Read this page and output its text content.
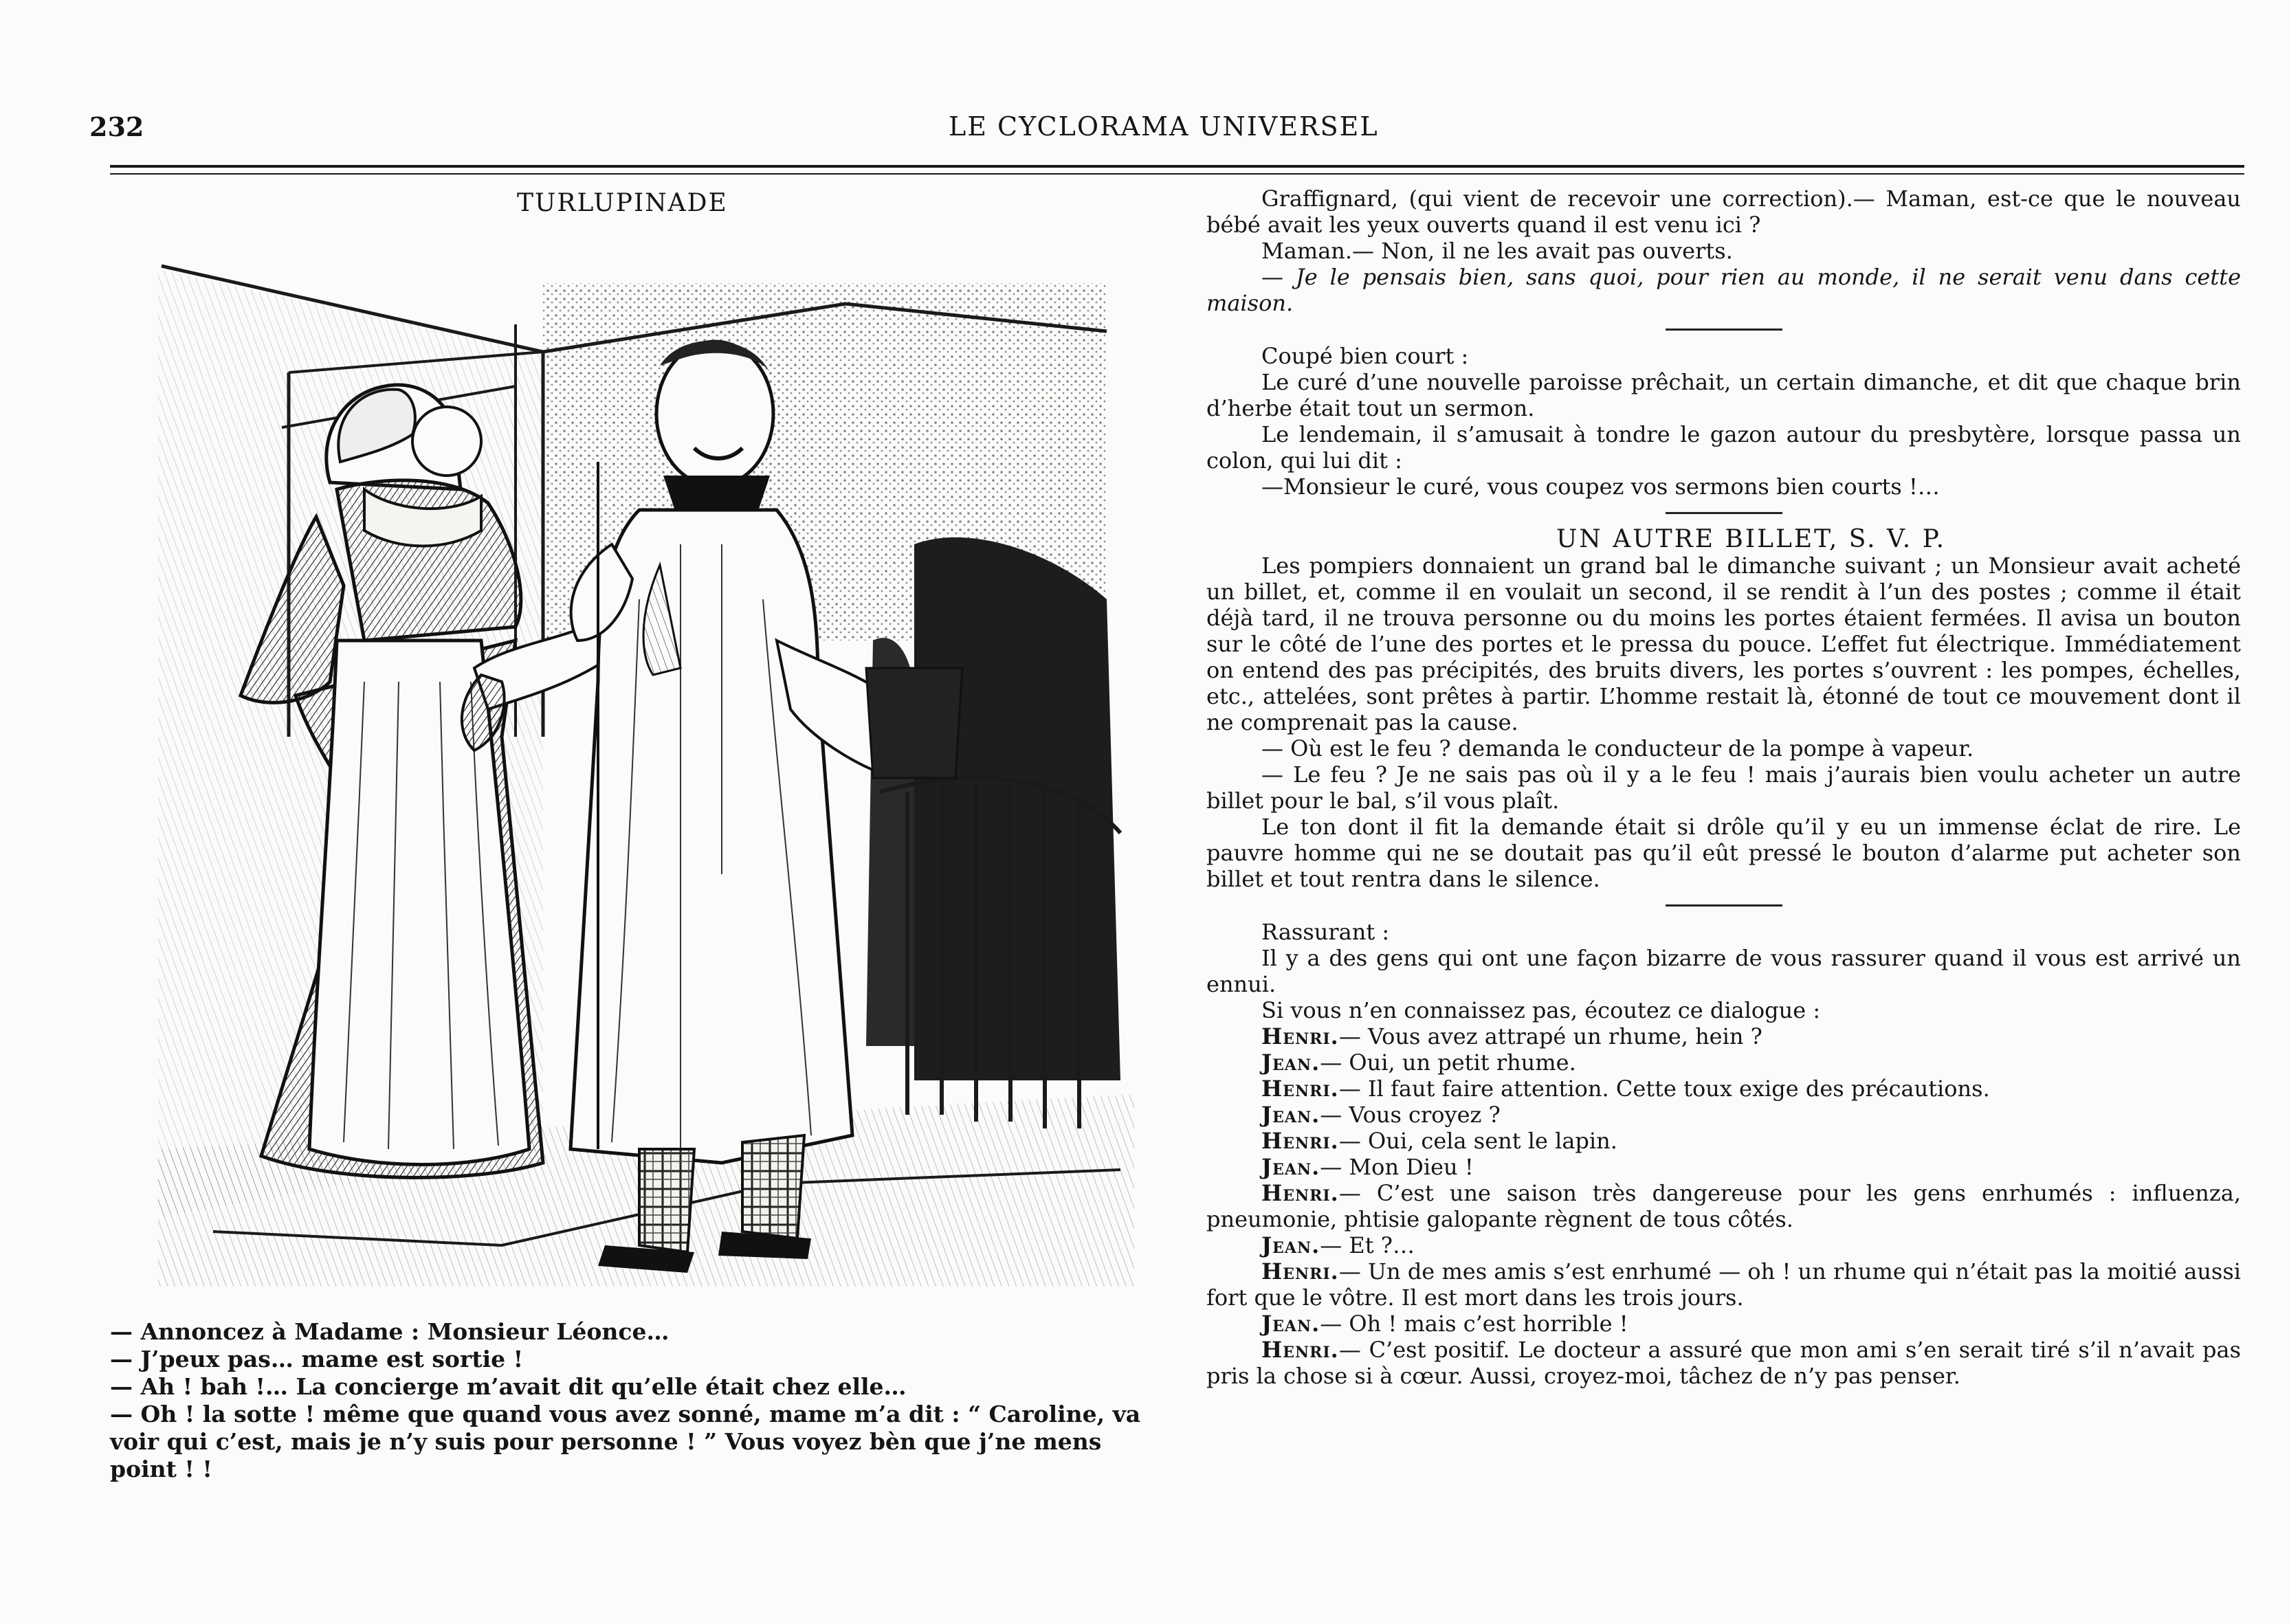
232	LE CYCLORAMA UNIVERSEL
TURLUPINADE

— Annoncez à Madame : Monsieur Léonce…

— J’peux pas… mame est sortie !

— Ah ! bah !… La concierge m’avait dit qu’elle était chez elle…

— Oh ! la sotte ! même que quand vous avez sonné, mame m’a dit : “ Caroline, va voir qui c’est, mais je n’y suis pour personne ! ” Vous voyez bèn que j’ne mens point ! !

Graffignard, (qui vient de recevoir une correction).— Maman, est-ce que le nouveau bébé avait les yeux ouverts quand il est venu ici ?

Maman.— Non, il ne les avait pas ouverts.

— Je le pensais bien, sans quoi, pour rien au monde, il ne serait venu dans cette maison.

Coupé bien court :

Le curé d’une nouvelle paroisse prêchait, un certain dimanche, et dit que chaque brin d’herbe était tout un sermon.

Le lendemain, il s’amusait à tondre le gazon autour du presbytère, lorsque passa un colon, qui lui dit :

—Monsieur le curé, vous coupez vos sermons bien courts !…

UN AUTRE BILLET, S. V. P.

Les pompiers donnaient un grand bal le dimanche suivant ; un Monsieur avait acheté un billet, et, comme il en voulait un second, il se rendit à l’un des postes ; comme il était déjà tard, il ne trouva personne ou du moins les portes étaient fermées. Il avisa un bouton sur le côté de l’une des portes et le pressa du pouce. L’effet fut électrique. Immédiatement on entend des pas précipités, des bruits divers, les portes s’ouvrent : les pompes, échelles, etc., attelées, sont prêtes à partir. L’homme restait là, étonné de tout ce mouvement dont il ne comprenait pas la cause.

— Où est le feu ? demanda le conducteur de la pompe à vapeur.

— Le feu ? Je ne sais pas où il y a le feu ! mais j’aurais bien voulu acheter un autre billet pour le bal, s’il vous plaît.

Le ton dont il fit la demande était si drôle qu’il y eu un immense éclat de rire. Le pauvre homme qui ne se doutait pas qu’il eût pressé le bouton d’alarme put acheter son billet et tout rentra dans le silence.

Rassurant :

Il y a des gens qui ont une façon bizarre de vous rassurer quand il vous est arrivé un ennui.

Si vous n’en connaissez pas, écoutez ce dialogue :

Henri.— Vous avez attrapé un rhume, hein ?

Jean.— Oui, un petit rhume.

Henri.— Il faut faire attention. Cette toux exige des précautions.

Jean.— Vous croyez ?

Henri.— Oui, cela sent le lapin.

Jean.— Mon Dieu !

Henri.— C’est une saison très dangereuse pour les gens enrhumés : influenza, pneumonie, phtisie galopante règnent de tous côtés.

Jean.— Et ?…

Henri.— Un de mes amis s’est enrhumé — oh ! un rhume qui n’était pas la moitié aussi fort que le vôtre. Il est mort dans les trois jours.

Jean.— Oh ! mais c’est horrible !

Henri.— C’est positif. Le docteur a assuré que mon ami s’en serait tiré s’il n’avait pas pris la chose si à cœur. Aussi, croyez-moi, tâchez de n’y pas penser.
